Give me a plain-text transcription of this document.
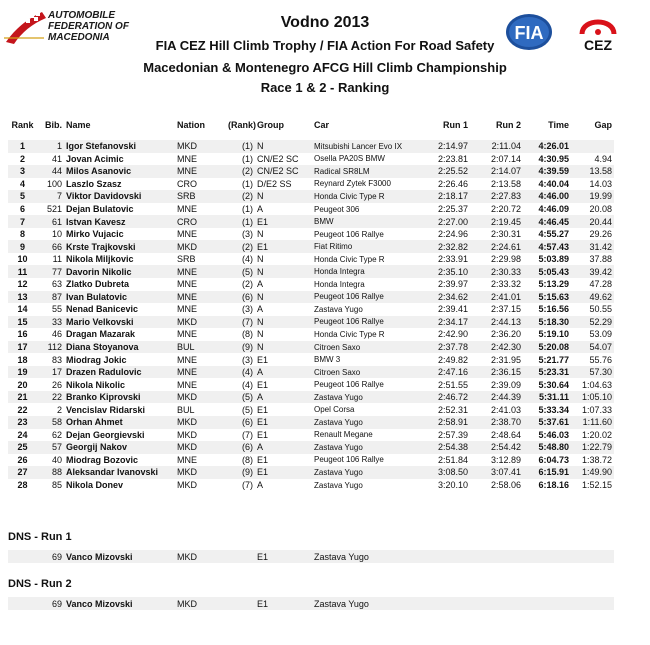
AUTOMOBILE
FEDERATION OF
MACEDONIA	FIA
CEZ
Vodno 2013
FIA CEZ Hill Climb Trophy / FIA Action For Road Safety
Macedonian & Montenegro AFCG Hill Climb Championship
Race 1 & 2 - Ranking
Rank	Bib.	Name	Nation	(Rank)	Group	Car	Run 1	Run 2	Time	Gap

1	1	Igor Stefanovski	MKD	(1)	N	Mitsubishi Lancer Evo IX	2:14.97	2:11.04	4:26.01	
2	41	Jovan Acimic	MNE	(1)	CN/E2 SC	Osella PA20S BMW	2:23.81	2:07.14	4:30.95	4.94
3	44	Milos Asanovic	MNE	(2)	CN/E2 SC	Radical SR8LM	2:25.52	2:14.07	4:39.59	13.58
4	100	Laszlo Szasz	CRO	(1)	D/E2 SS	Reynard Zytek F3000	2:26.46	2:13.58	4:40.04	14.03
5	7	Viktor Davidovski	SRB	(2)	N	Honda Civic Type R	2:18.17	2:27.83	4:46.00	19.99
6	521	Dejan Bulatovic	MNE	(1)	A	Peugeot 306	2:25.37	2:20.72	4:46.09	20.08
7	61	Istvan Kavesz	CRO	(1)	E1	BMW	2:27.00	2:19.45	4:46.45	20.44
8	10	Mirko Vujacic	MNE	(3)	N	Peugeot 106 Rallye	2:24.96	2:30.31	4:55.27	29.26
9	66	Krste Trajkovski	MKD	(2)	E1	Fiat Ritimo	2:32.82	2:24.61	4:57.43	31.42
10	11	Nikola Miljkovic	SRB	(4)	N	Honda Civic Type R	2:33.91	2:29.98	5:03.89	37.88
11	77	Davorin Nikolic	MNE	(5)	N	Honda Integra	2:35.10	2:30.33	5:05.43	39.42
12	63	Zlatko Dubreta	MNE	(2)	A	Honda Integra	2:39.97	2:33.32	5:13.29	47.28
13	87	Ivan Bulatovic	MNE	(6)	N	Peugeot 106 Rallye	2:34.62	2:41.01	5:15.63	49.62
14	55	Nenad Banicevic	MNE	(3)	A	Zastava Yugo	2:39.41	2:37.15	5:16.56	50.55
15	33	Mario Velkovski	MKD	(7)	N	Peugeot 106 Rallye	2:34.17	2:44.13	5:18.30	52.29
16	46	Dragan Mazarak	MNE	(8)	N	Honda Civic Type R	2:42.90	2:36.20	5:19.10	53.09
17	112	Diana Stoyanova	BUL	(9)	N	Citroen Saxo	2:37.78	2:42.30	5:20.08	54.07
18	83	Miodrag Jokic	MNE	(3)	E1	BMW 3	2:49.82	2:31.95	5:21.77	55.76
19	17	Drazen Radulovic	MNE	(4)	A	Citroen Saxo	2:47.16	2:36.15	5:23.31	57.30
20	26	Nikola Nikolic	MNE	(4)	E1	Peugeot 106 Rallye	2:51.55	2:39.09	5:30.64	1:04.63
21	22	Branko Kiprovski	MKD	(5)	A	Zastava Yugo	2:46.72	2:44.39	5:31.11	1:05.10
22	2	Vencislav Ridarski	BUL	(5)	E1	Opel Corsa	2:52.31	2:41.03	5:33.34	1:07.33
23	58	Orhan Ahmet	MKD	(6)	E1	Zastava Yugo	2:58.91	2:38.70	5:37.61	1:11.60
24	62	Dejan Georgievski	MKD	(7)	E1	Renault Megane	2:57.39	2:48.64	5:46.03	1:20.02
25	57	Georgij Nakov	MKD	(6)	A	Zastava Yugo	2:54.38	2:54.42	5:48.80	1:22.79
26	40	Miodrag Bozovic	MNE	(8)	E1	Peugeot 106 Rallye	2:51.84	3:12.89	6:04.73	1:38.72
27	88	Aleksandar Ivanovski	MKD	(9)	E1	Zastava Yugo	3:08.50	3:07.41	6:15.91	1:49.90
28	85	Nikola Donev	MKD	(7)	A	Zastava Yugo	3:20.10	2:58.06	6:18.16	1:52.15
DNS - Run 1
	69	Vanco Mizovski	MKD		E1	Zastava Yugo	
DNS - Run 2
	69	Vanco Mizovski	MKD		E1	Zastava Yugo	
